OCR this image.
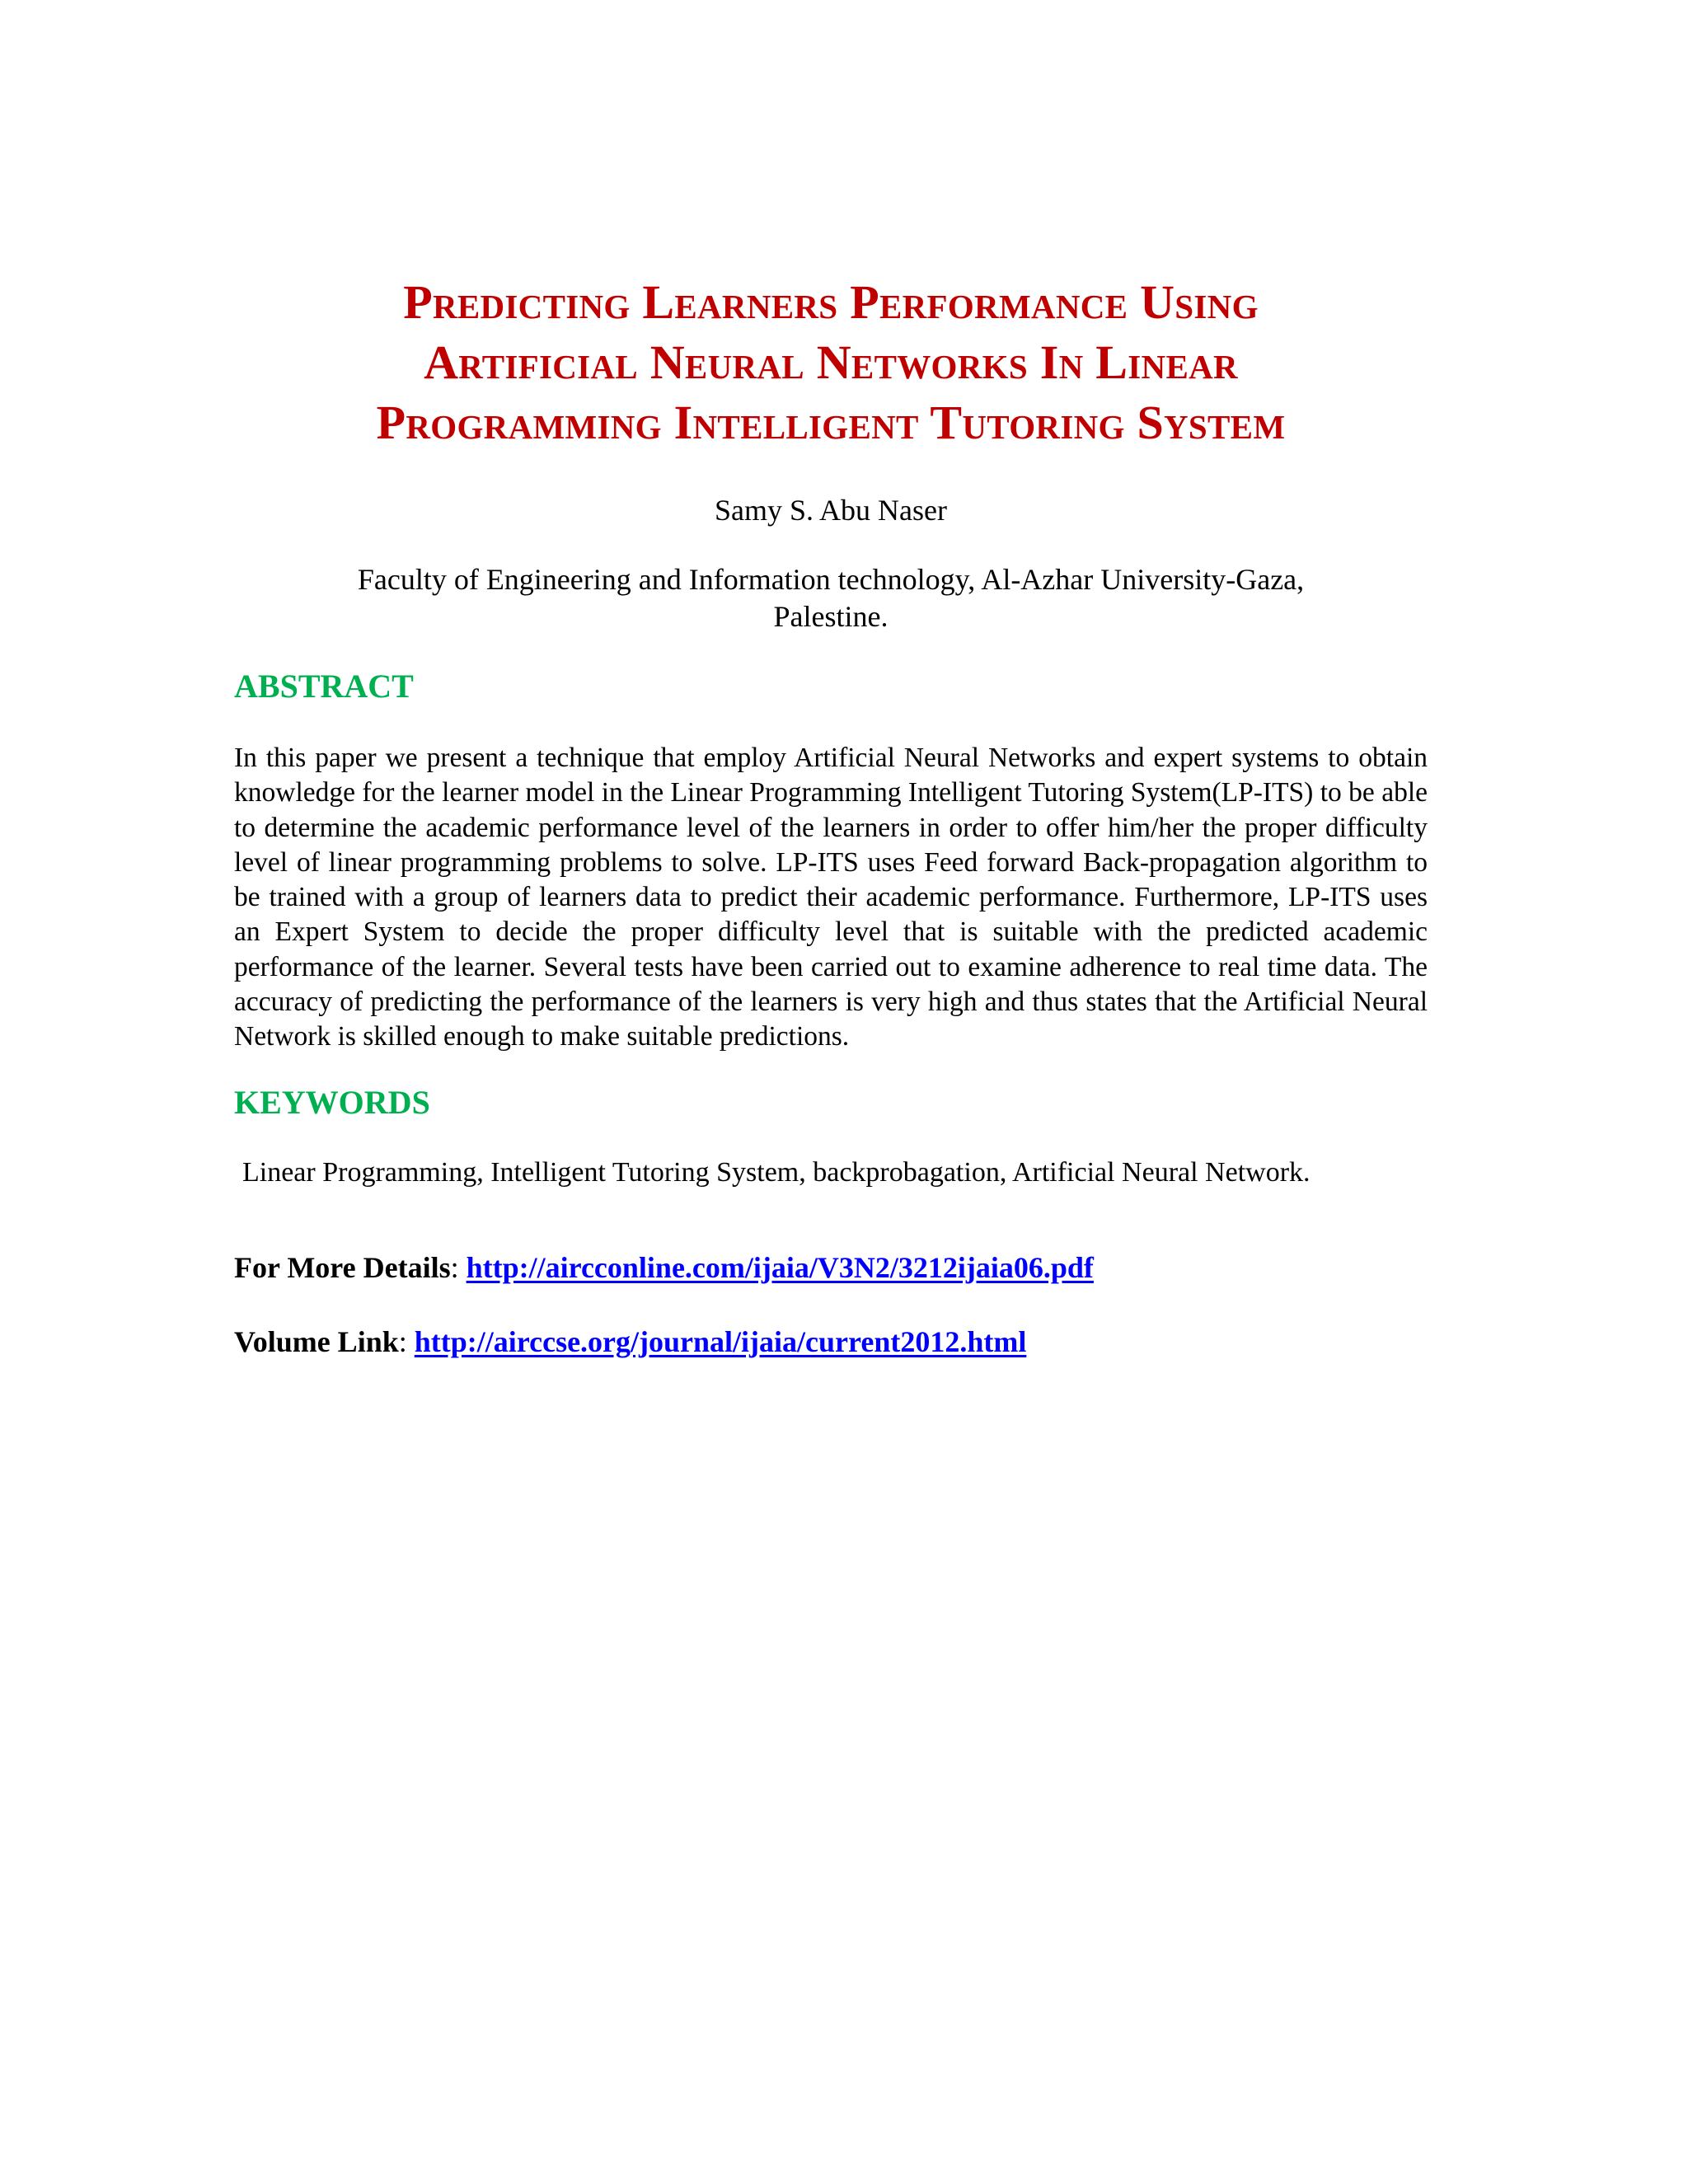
Predicting Learners Performance Using
Artificial Neural Networks In Linear
Programming Intelligent Tutoring System

Samy S. Abu Naser

Faculty of Engineering and Information technology, Al-Azhar University-Gaza,
Palestine.

ABSTRACT

In this paper we present a technique that employ Artificial Neural Networks and expert systems to obtain knowledge for the learner model in the Linear Programming Intelligent Tutoring System(LP-ITS) to be able to determine the academic performance level of the learners in order to offer him/her the proper difficulty level of linear programming problems to solve. LP-ITS uses Feed forward Back-propagation algorithm to be trained with a group of learners data to predict their academic performance. Furthermore, LP-ITS uses an Expert System to decide the proper difficulty level that is suitable with the predicted academic performance of the learner. Several tests have been carried out to examine adherence to real time data. The accuracy of predicting the performance of the learners is very high and thus states that the Artificial Neural Network is skilled enough to make suitable predictions.

KEYWORDS

Linear Programming, Intelligent Tutoring System, backprobagation, Artificial Neural Network.

For More Details: http://aircconline.com/ijaia/V3N2/3212ijaia06.pdf

Volume Link: http://airccse.org/journal/ijaia/current2012.html
